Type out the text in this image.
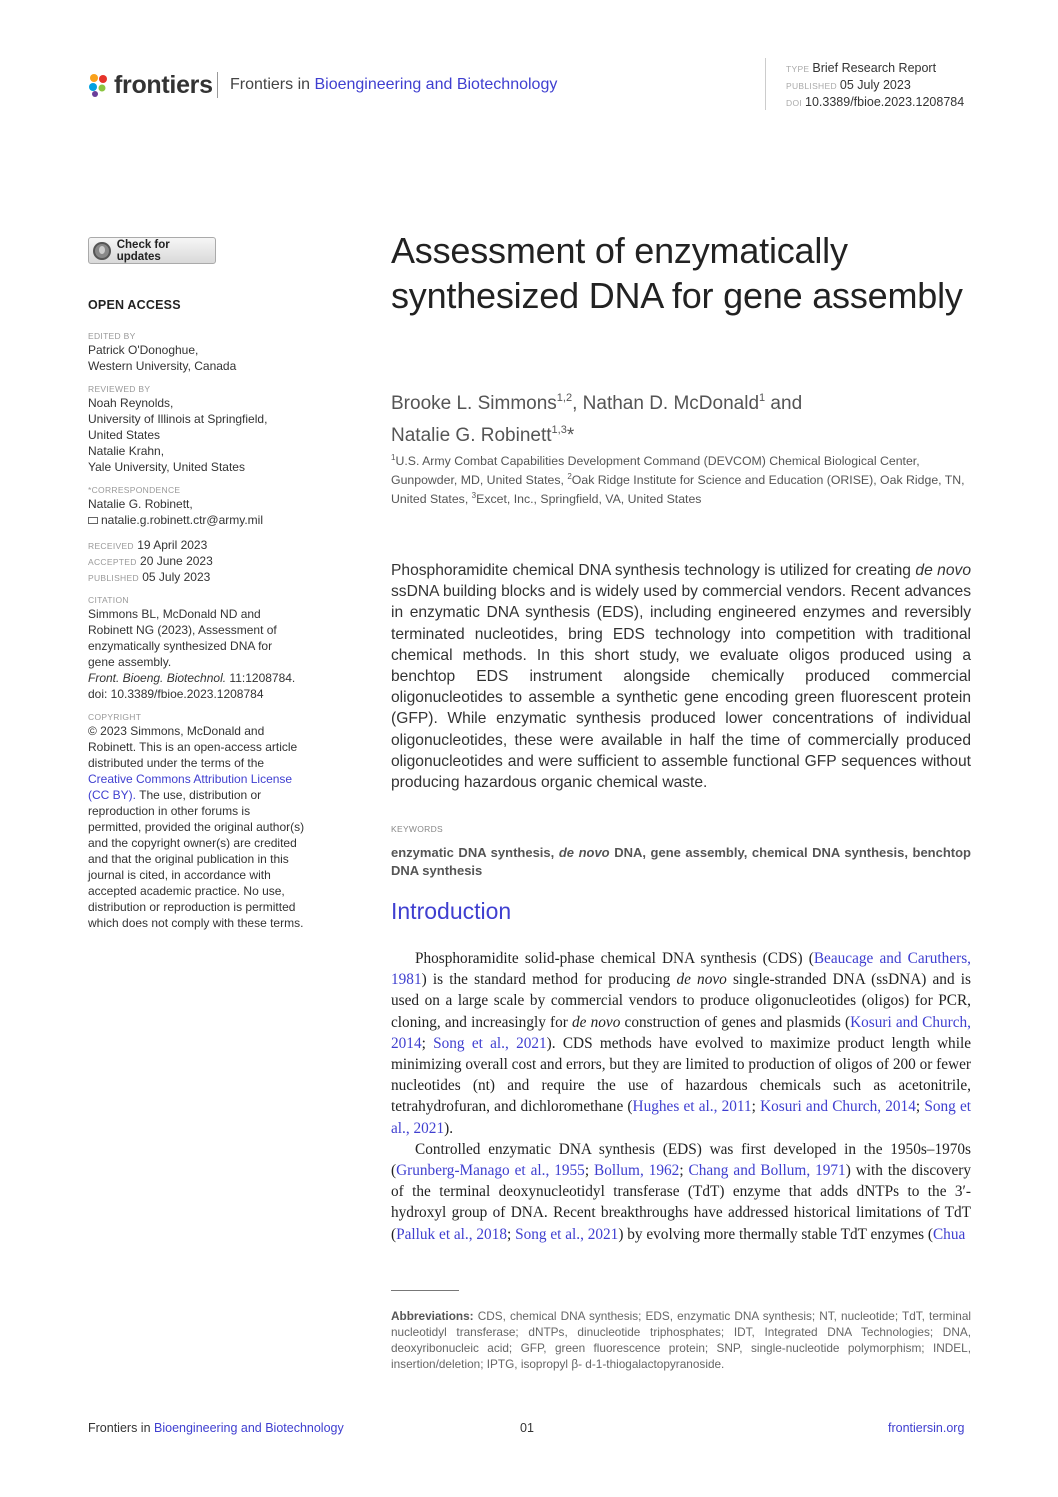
frontiers Frontiers in Bioengineering and Biotechnology
TYPE Brief Research Report
PUBLISHED 05 July 2023
DOI 10.3389/fbioe.2023.1208784
Check for updates
OPEN ACCESS
EDITED BY
Patrick O'Donoghue,
Western University, Canada
REVIEWED BY
Noah Reynolds,
University of Illinois at Springfield,
United States
Natalie Krahn,
Yale University, United States
*CORRESPONDENCE
Natalie G. Robinett,
natalie.g.robinett.ctr@army.mil
RECEIVED 19 April 2023
ACCEPTED 20 June 2023
PUBLISHED 05 July 2023
CITATION
Simmons BL, McDonald ND and
Robinett NG (2023), Assessment of
enzymatically synthesized DNA for
gene assembly.
Front. Bioeng. Biotechnol. 11:1208784.
doi: 10.3389/fbioe.2023.1208784
COPYRIGHT
© 2023 Simmons, McDonald and
Robinett. This is an open-access article
distributed under the terms of the
Creative Commons Attribution License
(CC BY). The use, distribution or
reproduction in other forums is
permitted, provided the original author(s)
and the copyright owner(s) are credited
and that the original publication in this
journal is cited, in accordance with
accepted academic practice. No use,
distribution or reproduction is permitted
which does not comply with these terms.
Assessment of enzymatically synthesized DNA for gene assembly
Brooke L. Simmons$^{1,2}$, Nathan D. McDonald$^1$ and
Natalie G. Robinett$^{1,3}$*
$^1$U.S. Army Combat Capabilities Development Command (DEVCOM) Chemical Biological Center, Gunpowder, MD, United States, $^2$Oak Ridge Institute for Science and Education (ORISE), Oak Ridge, TN, United States, $^3$Excet, Inc., Springfield, VA, United States
Phosphoramidite chemical DNA synthesis technology is utilized for creating de novo ssDNA building blocks and is widely used by commercial vendors. Recent advances in enzymatic DNA synthesis (EDS), including engineered enzymes and reversibly terminated nucleotides, bring EDS technology into competition with traditional chemical methods. In this short study, we evaluate oligos produced using a benchtop EDS instrument alongside chemically produced commercial oligonucleotides to assemble a synthetic gene encoding green fluorescent protein (GFP). While enzymatic synthesis produced lower concentrations of individual oligonucleotides, these were available in half the time of commercially produced oligonucleotides and were sufficient to assemble functional GFP sequences without producing hazardous organic chemical waste.
KEYWORDS
enzymatic DNA synthesis, de novo DNA, gene assembly, chemical DNA synthesis, benchtop DNA synthesis
Introduction

Phosphoramidite solid-phase chemical DNA synthesis (CDS) (Beaucage and Caruthers, 1981) is the standard method for producing de novo single-stranded DNA (ssDNA) and is used on a large scale by commercial vendors to produce oligonucleotides (oligos) for PCR, cloning, and increasingly for de novo construction of genes and plasmids (Kosuri and Church, 2014; Song et al., 2021). CDS methods have evolved to maximize product length while minimizing overall cost and errors, but they are limited to production of oligos of 200 or fewer nucleotides (nt) and require the use of hazardous chemicals such as acetonitrile, tetrahydrofuran, and dichloromethane (Hughes et al., 2011; Kosuri and Church, 2014; Song et al., 2021).

Controlled enzymatic DNA synthesis (EDS) was first developed in the 1950s–1970s (Grunberg-Manago et al., 1955; Bollum, 1962; Chang and Bollum, 1971) with the discovery of the terminal deoxynucleotidyl transferase (TdT) enzyme that adds dNTPs to the 3′-hydroxyl group of DNA. Recent breakthroughs have addressed historical limitations of TdT (Palluk et al., 2018; Song et al., 2021) by evolving more thermally stable TdT enzymes (Chua

Abbreviations: CDS, chemical DNA synthesis; EDS, enzymatic DNA synthesis; NT, nucleotide; TdT, terminal nucleotidyl transferase; dNTPs, dinucleotide triphosphates; IDT, Integrated DNA Technologies; DNA, deoxyribonucleic acid; GFP, green fluorescence protein; SNP, single-nucleotide polymorphism; INDEL, insertion/deletion; IPTG, isopropyl β- d-1-thiogalactopyranoside.
Frontiers in Bioengineering and Biotechnology	01	frontiersin.org
